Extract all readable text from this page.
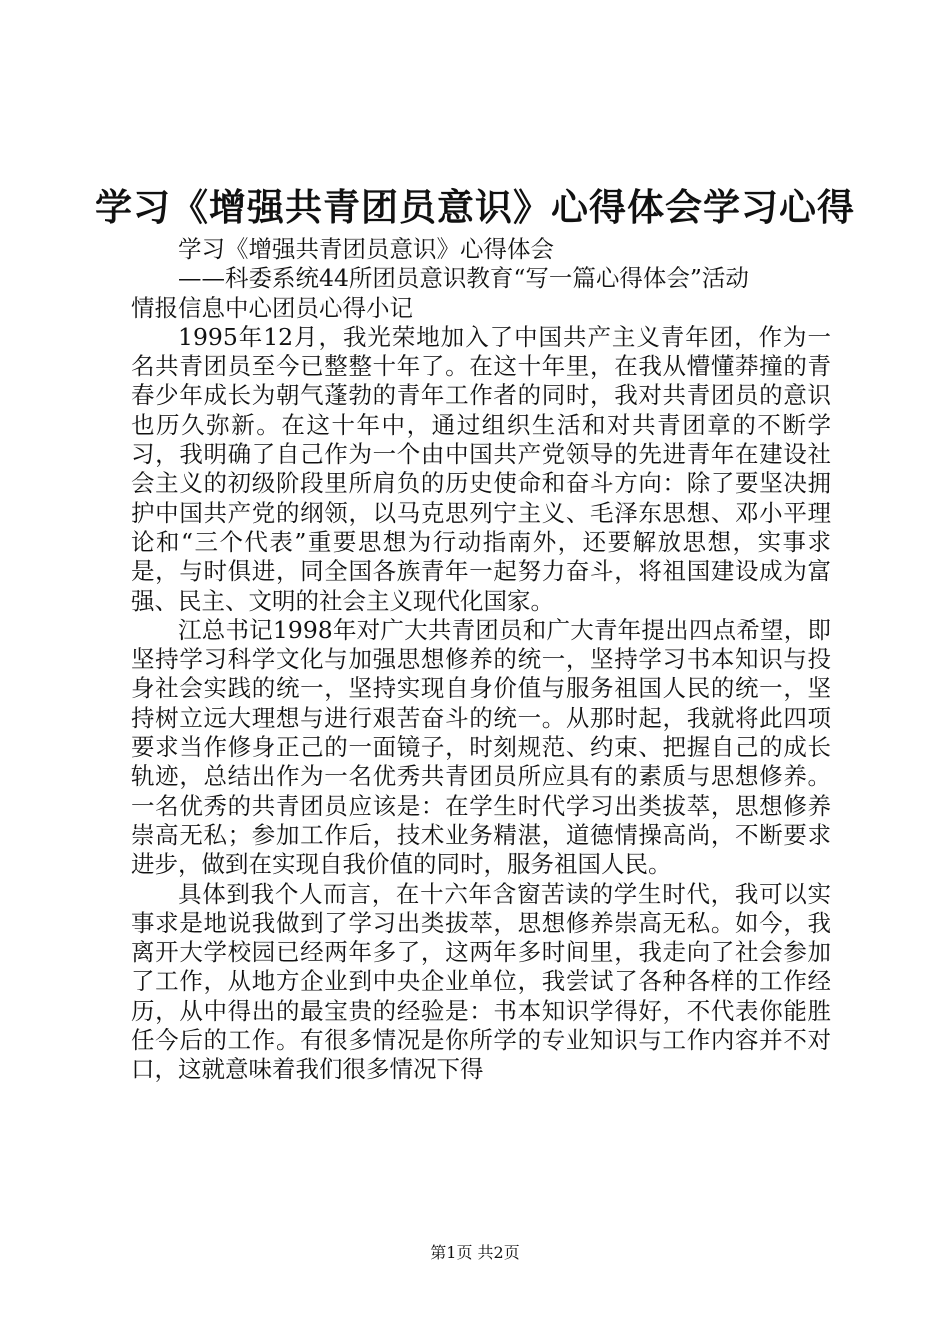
学习《增强共青团员意识》心得体会学习心得

学习《增强共青团员意识》心得体会

——科委系统44所团员意识教育“写一篇心得体会”活动

情报信息中心团员心得小记

1995年12月，我光荣地加入了中国共产主义青年团，作为一名共青团员至今已整整十年了。在这十年里，在我从懵懂莽撞的青春少年成长为朝气蓬勃的青年工作者的同时，我对共青团员的意识也历久弥新。在这十年中，通过组织生活和对共青团章的不断学习，我明确了自己作为一个由中国共产党领导的先进青年在建设社会主义的初级阶段里所肩负的历史使命和奋斗方向：除了要坚决拥护中国共产党的纲领，以马克思列宁主义、毛泽东思想、邓小平理论和“三个代表”重要思想为行动指南外，还要解放思想，实事求是，与时俱进，同全国各族青年一起努力奋斗，将祖国建设成为富强、民主、文明的社会主义现代化国家。

江总书记1998年对广大共青团员和广大青年提出四点希望，即坚持学习科学文化与加强思想修养的统一，坚持学习书本知识与投身社会实践的统一，坚持实现自身价值与服务祖国人民的统一，坚持树立远大理想与进行艰苦奋斗的统一。从那时起，我就将此四项要求当作修身正己的一面镜子，时刻规范、约束、把握自己的成长轨迹，总结出作为一名优秀共青团员所应具有的素质与思想修养。一名优秀的共青团员应该是：在学生时代学习出类拔萃，思想修养崇高无私；参加工作后，技术业务精湛，道德情操高尚，不断要求进步，做到在实现自我价值的同时，服务祖国人民。

具体到我个人而言，在十六年含窗苦读的学生时代，我可以实事求是地说我做到了学习出类拔萃，思想修养崇高无私。如今，我离开大学校园已经两年多了，这两年多时间里，我走向了社会参加了工作，从地方企业到中央企业单位，我尝试了各种各样的工作经历，从中得出的最宝贵的经验是：书本知识学得好，不代表你能胜任今后的工作。有很多情况是你所学的专业知识与工作内容并不对口，这就意味着我们很多情况下得

第1页 共2页
